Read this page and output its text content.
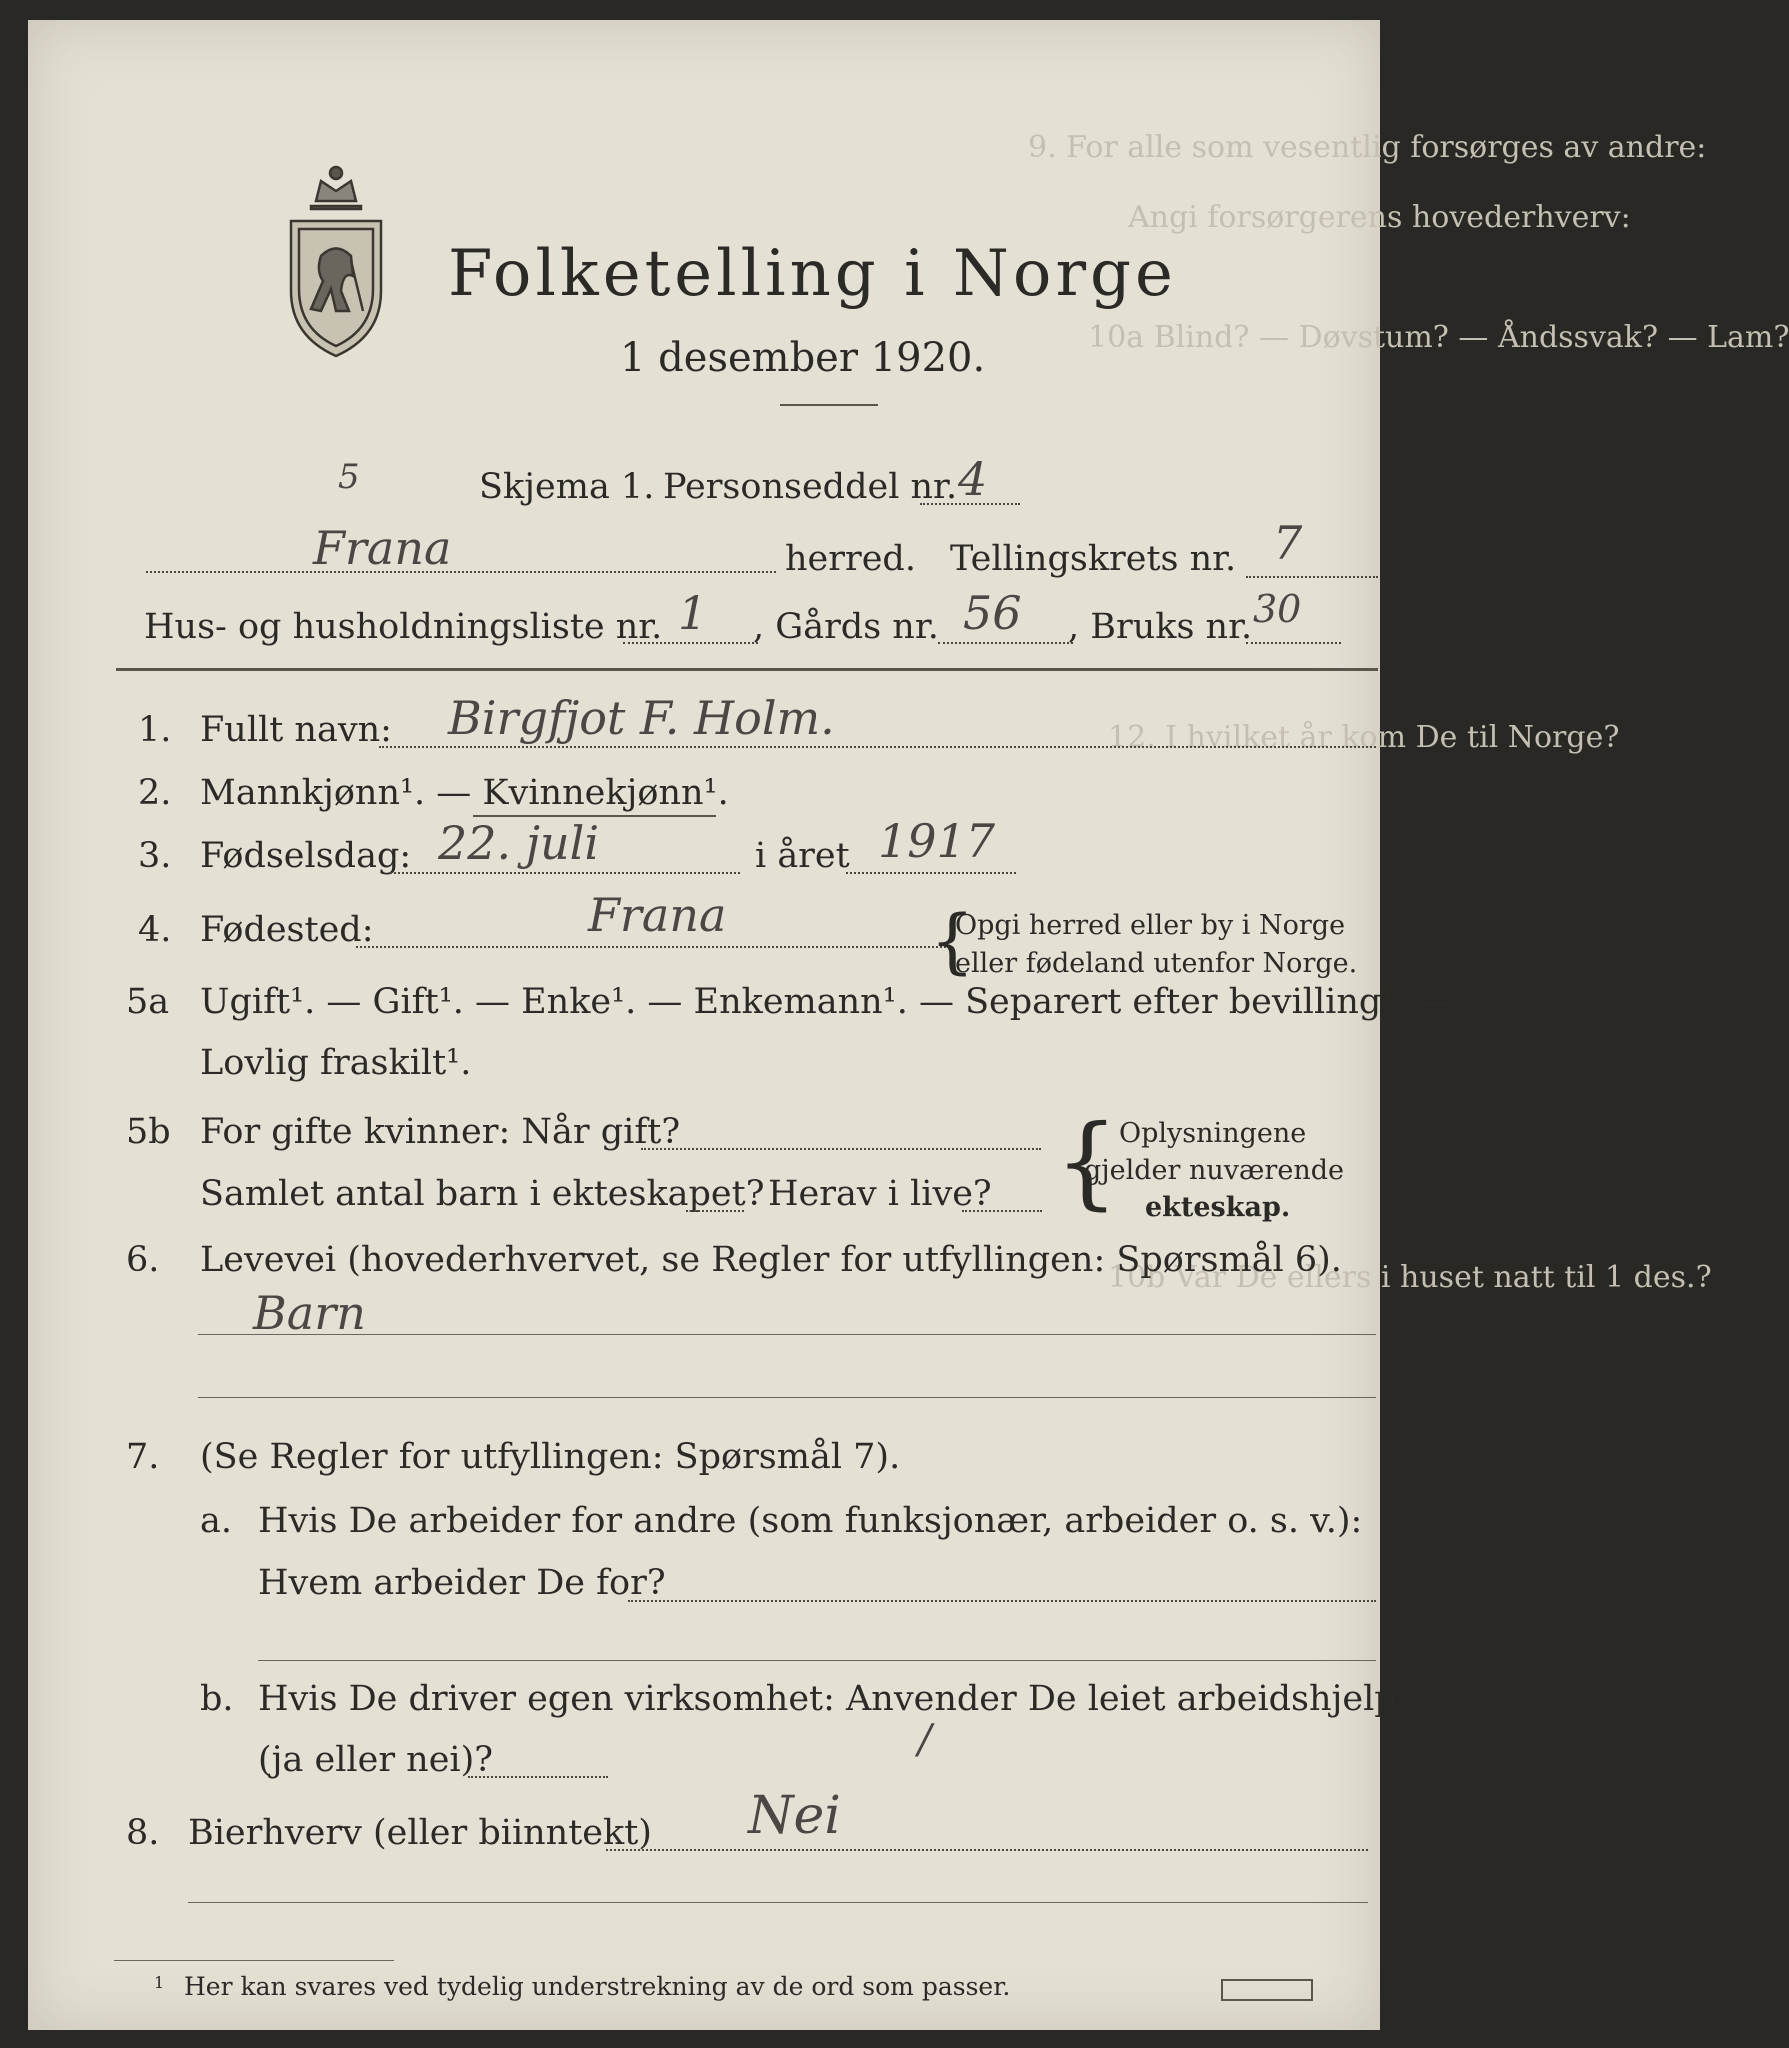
9. For alle som vesentlig forsørges av andre:
Angi forsørgerens hovederhverv:
10a Blind? — Døvstum? — Åndssvak? — Lam?
12. I hvilket år kom De til Norge?
10b Var De ellers i huset natt til 1 des.?
Folketelling i Norge
1 desember 1920.
5	Skjema 1. Personseddel nr. 4
Frana	herred. Tellingskrets nr. 7
Hus- og husholdningsliste nr. 1 , Gårds nr. 56 , Bruks nr. 30
1. Fullt navn: Birgfjot F. Holm.
2. Mannkjønn¹. — Kvinnekjønn¹.
3. Fødselsdag: 22. juli	i året 1917
4. Fødested:	Frana	{
Opgi herred eller by i Norge
eller fødeland utenfor Norge.
5a Ugift¹. — Gift¹. — Enke¹. — Enkemann¹. — Separert efter bevilling¹. —
Lovlig fraskilt¹.
5b For gifte kvinner: Når gift?
Samlet antal barn i ekteskapet? Herav i live? { Oplysningene
gjelder nuværende
ekteskap.
6. Levevei (hovederhvervet, se Regler for utfyllingen: Spørsmål 6).
Barn
7. (Se Regler for utfyllingen: Spørsmål 7).
a. Hvis De arbeider for andre (som funksjonær, arbeider o. s. v.):
Hvem arbeider De for?
b. Hvis De driver egen virksomhet: Anvender De leiet arbeidshjelp
(ja eller nei)?	/
8. Bierhverv (eller biinntekt) Nei
1 Her kan svares ved tydelig understrekning av de ord som passer.
